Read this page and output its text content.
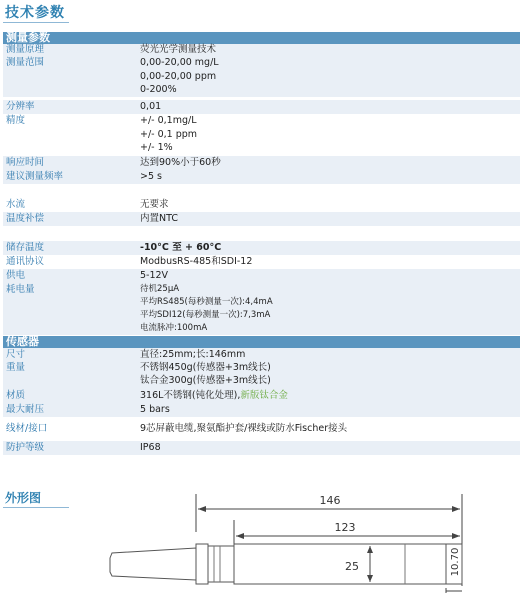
技术参数
测量参数
测量原理	荧光光学测量技术
测量范围	0,00-20,00 mg/L
0,00-20,00 ppm
0-200%
分辨率	0,01
精度	+/- 0,1mg/L
+/- 0,1 ppm
+/- 1%
响应时间	达到90%小于60秒
建议测量频率	>5 s
水流	无要求
温度补偿	内置NTC
储存温度	-10°C 至 + 60°C
通讯协议	ModbusRS-485和SDI-12
供电	5-12V
耗电量	待机25μA
平均RS485(每秒测量一次):4,4mA
平均SDI12(每秒测量一次):7,3mA
电流脉冲:100mA
传感器
尺寸	直径:25mm;长:146mm
重量	不锈钢450g(传感器+3m线长)
钛合金300g(传感器+3m线长)
材质	316L不锈钢(钝化处理),新版钛合金
最大耐压	5 bars
线材/接口	9芯屏蔽电缆,聚氨酯护套/裸线或防水Fischer接头
防护等级	IP68
外形图	146
123
25	10.70
